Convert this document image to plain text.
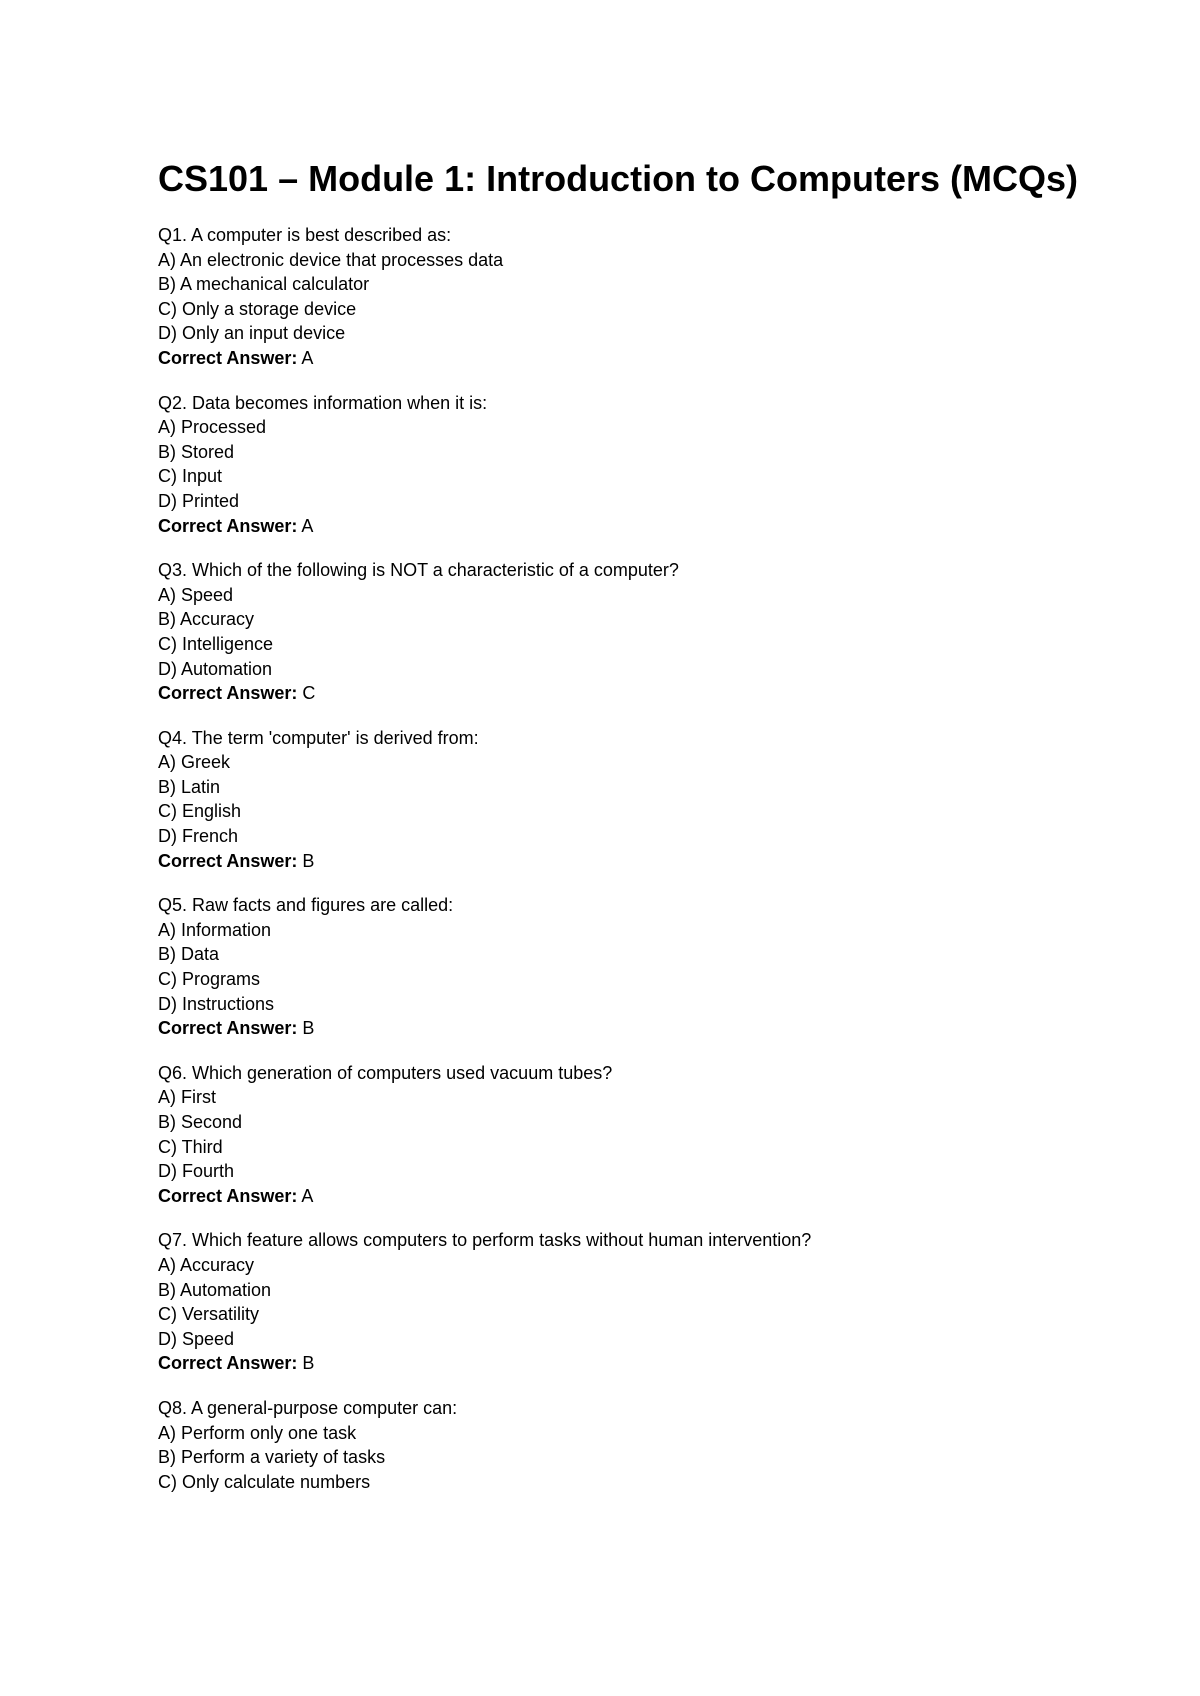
CS101 – Module 1: Introduction to Computers (MCQs)
Q1. A computer is best described as:
A) An electronic device that processes data
B) A mechanical calculator
C) Only a storage device
D) Only an input device
Correct Answer: A
Q2. Data becomes information when it is:
A) Processed
B) Stored
C) Input
D) Printed
Correct Answer: A
Q3. Which of the following is NOT a characteristic of a computer?
A) Speed
B) Accuracy
C) Intelligence
D) Automation
Correct Answer: C
Q4. The term 'computer' is derived from:
A) Greek
B) Latin
C) English
D) French
Correct Answer: B
Q5. Raw facts and figures are called:
A) Information
B) Data
C) Programs
D) Instructions
Correct Answer: B
Q6. Which generation of computers used vacuum tubes?
A) First
B) Second
C) Third
D) Fourth
Correct Answer: A
Q7. Which feature allows computers to perform tasks without human intervention?
A) Accuracy
B) Automation
C) Versatility
D) Speed
Correct Answer: B
Q8. A general-purpose computer can:
A) Perform only one task
B) Perform a variety of tasks
C) Only calculate numbers
